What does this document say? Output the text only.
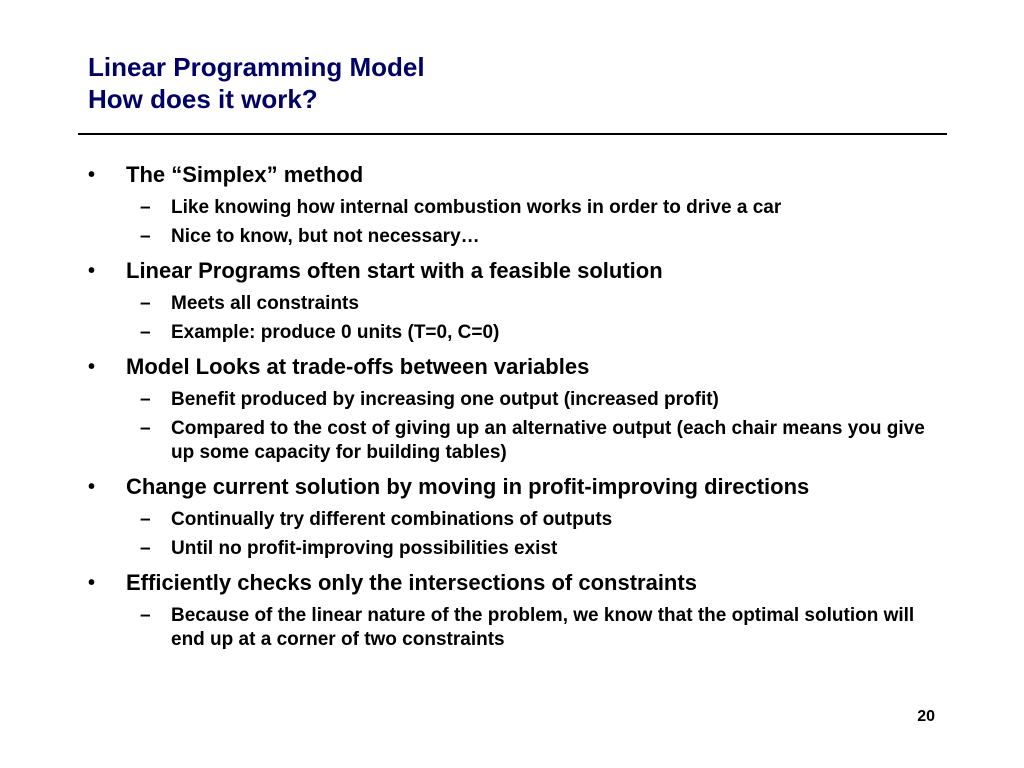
Linear Programming Model
How does it work?
•	The “Simplex” method
– Like knowing how internal combustion works in order to drive a car
– Nice to know, but not necessary…
•	Linear Programs often start with a feasible solution
– Meets all constraints
– Example: produce 0 units (T=0, C=0)
•	Model Looks at trade-offs between variables
– Benefit produced by increasing one output (increased profit)
– Compared to the cost of giving up an alternative output (each chair means you give up some capacity for building tables)
•	Change current solution by moving in profit-improving directions
– Continually try different combinations of outputs
– Until no profit-improving possibilities exist
•	Efficiently checks only the intersections of constraints
– Because of the linear nature of the problem, we know that the optimal solution will end up at a corner of two constraints
20
